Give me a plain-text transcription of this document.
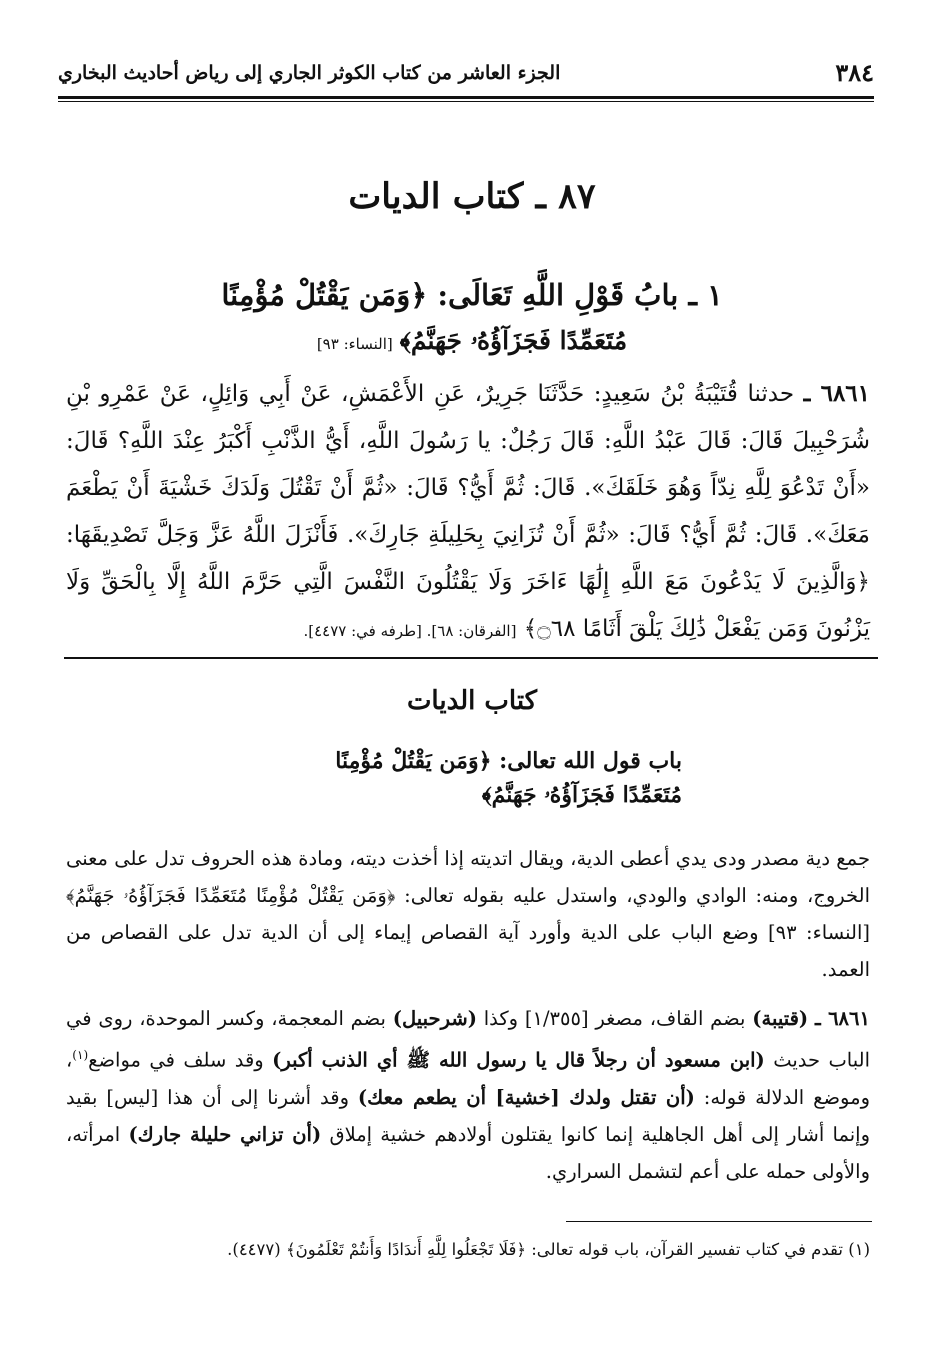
٣٨٤
الجزء العاشر من كتاب الكوثر الجاري إلى رياض أحاديث البخاري
٨٧ ـ كتاب الديات
١ ـ بابُ قَوْلِ اللَّهِ تَعَالَى: ﴿وَمَن يَقْتُلْ مُؤْمِنًا
مُتَعَمِّدًا فَجَزَآؤُهُۥ جَهَنَّمُ﴾ [النساء: ٩٣]
٦٨٦١ ـ حدثنا قُتَيْبَةُ بْنُ سَعِيدٍ: حَدَّثَنَا جَرِيرٌ، عَنِ الأَعْمَشِ، عَنْ أَبِي وَائِلٍ، عَنْ عَمْرِو بْنِ شُرَحْبِيلَ قَالَ: قَالَ عَبْدُ اللَّهِ: قَالَ رَجُلٌ: يا رَسُولَ اللَّهِ، أَيُّ الذَّنْبِ أَكْبَرُ عِنْدَ اللَّهِ؟ قَالَ: «أَنْ تَدْعُوَ لِلَّهِ نِدّاً وَهُوَ خَلَقَكَ». قَالَ: ثُمَّ أَيُّ؟ قَالَ: «ثُمَّ أَنْ تَقْتُلَ وَلَدَكَ خَشْيَةَ أَنْ يَطْعَمَ مَعَكَ». قَالَ: ثُمَّ أَيُّ؟ قَالَ: «ثُمَّ أَنْ تُزَانِيَ بِحَلِيلَةِ جَارِكَ». فَأَنْزَلَ اللَّهُ عَزَّ وَجَلَّ تَصْدِيقَهَا: ﴿وَالَّذِينَ لَا يَدْعُونَ مَعَ اللَّهِ إِلَٰهًا ءَاخَرَ وَلَا يَقْتُلُونَ النَّفْسَ الَّتِي حَرَّمَ اللَّهُ إِلَّا بِالْحَقِّ وَلَا يَزْنُونَ وَمَن يَفْعَلْ ذَٰلِكَ يَلْقَ أَثَامًا ۝٦٨﴾ [الفرقان: ٦٨]. [طرفه في: ٤٤٧٧].
كتاب الديات
باب قول الله تعالى: ﴿وَمَن يَقْتُلْ مُؤْمِنًا
مُتَعَمِّدًا فَجَزَآؤُهُۥ جَهَنَّمُ﴾
جمع دية مصدر ودى يدي أعطى الدية، ويقال اتديته إذا أخذت ديته، ومادة هذه الحروف تدل على معنى الخروج، ومنه: الوادي والودي، واستدل عليه بقوله تعالى: ﴿وَمَن يَقْتُلْ مُؤْمِنًا مُتَعَمِّدًا فَجَزَآؤُهُۥ جَهَنَّمُ﴾ [النساء: ٩٣] وضع الباب على الدية وأورد آية القصاص إيماء إلى أن الدية تدل على القصاص من العمد.
٦٨٦١ ـ (قتيبة) بضم القاف، مصغر [١/٣٥٥] وكذا (شرحبيل) بضم المعجمة، وكسر الموحدة، روى في الباب حديث (ابن مسعود أن رجلاً قال يا رسول الله ﷺ أي الذنب أكبر) وقد سلف في مواضع$^{(١)}$، وموضع الدلالة قوله: (أن تقتل ولدك [خشية] أن يطعم معك) وقد أشرنا إلى أن هذا [ليس] بقيد وإنما أشار إلى أهل الجاهلية إنما كانوا يقتلون أولادهم خشية إملاق (أن تزاني حليلة جارك) امرأته، والأولى حمله على أعم لتشمل السراري.
(١) تقدم في كتاب تفسير القرآن، باب قوله تعالى: ﴿فَلَا تَجْعَلُوا لِلَّهِ أَندَادًا وَأَنتُمْ تَعْلَمُونَ﴾ (٤٤٧٧).
